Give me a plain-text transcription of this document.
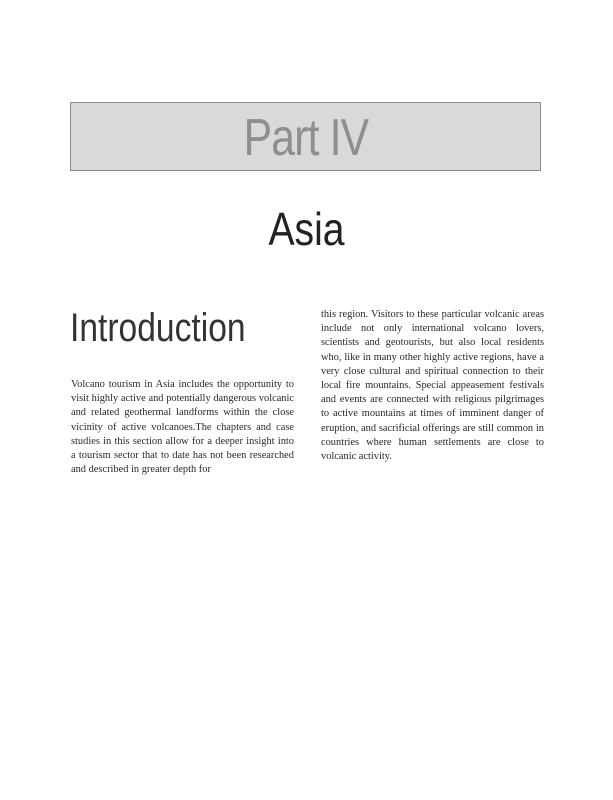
Part IV
Asia
Introduction
Volcano tourism in Asia includes the opportunity to visit highly active and potentially dangerous volcanic and related geothermal landforms within the close vicinity of active volcanoes.The chapters and case studies in this section allow for a deeper insight into a tourism sector that to date has not been researched and described in greater depth for
this region. Visitors to these particular volcanic areas include not only international volcano lovers, scientists and geotourists, but also local residents who, like in many other highly active regions, have a very close cultural and spiritual connection to their local fire mountains. Special appeasement festivals and events are connected with religious pilgrimages to active mountains at times of imminent danger of eruption, and sacrificial offerings are still common in countries where human settlements are close to volcanic activity.
